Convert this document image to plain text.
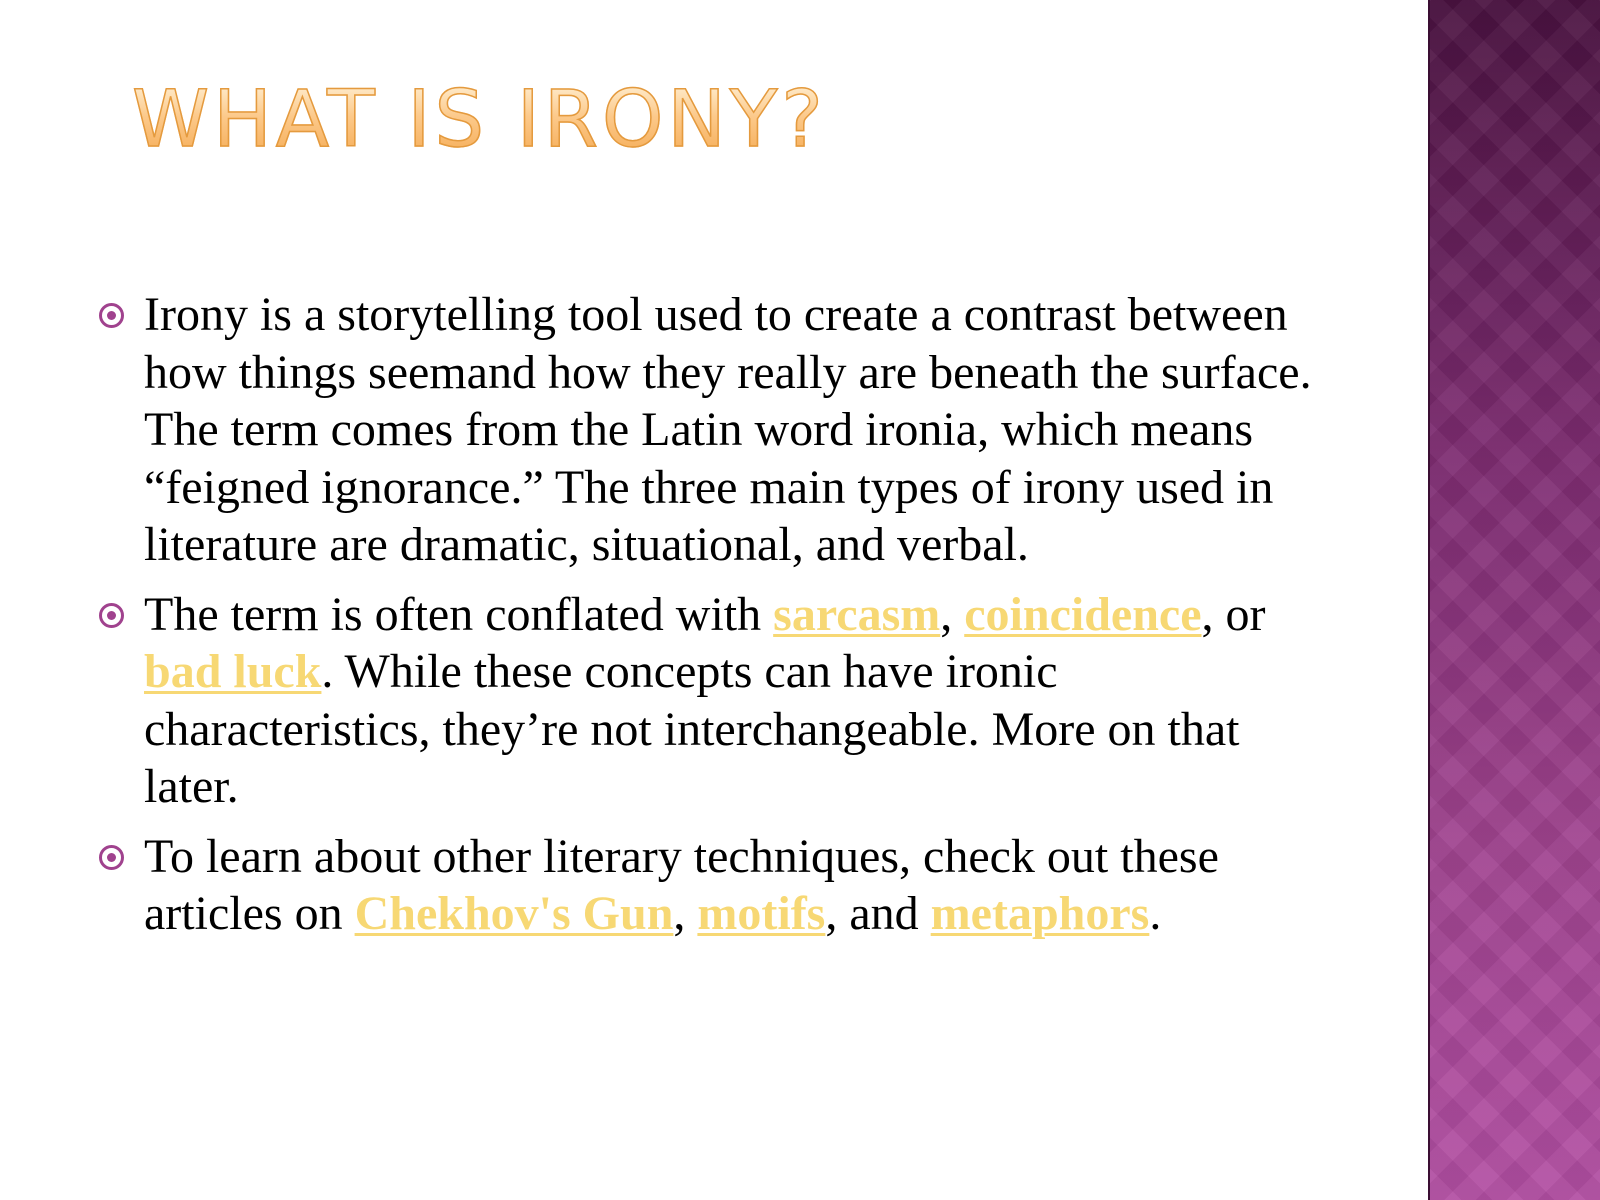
WHAT IS IRONY?
Irony is a storytelling tool used to create a contrast between how things seemand how they really are beneath the surface. The term comes from the Latin word ironia, which means “feigned ignorance.” The three main types of irony used in literature are dramatic, situational, and verbal.
The term is often conflated with sarcasm, coincidence, or bad luck. While these concepts can have ironic characteristics, they’re not interchangeable. More on that later.
To learn about other literary techniques, check out these articles on Chekhov's Gun, motifs, and metaphors.
